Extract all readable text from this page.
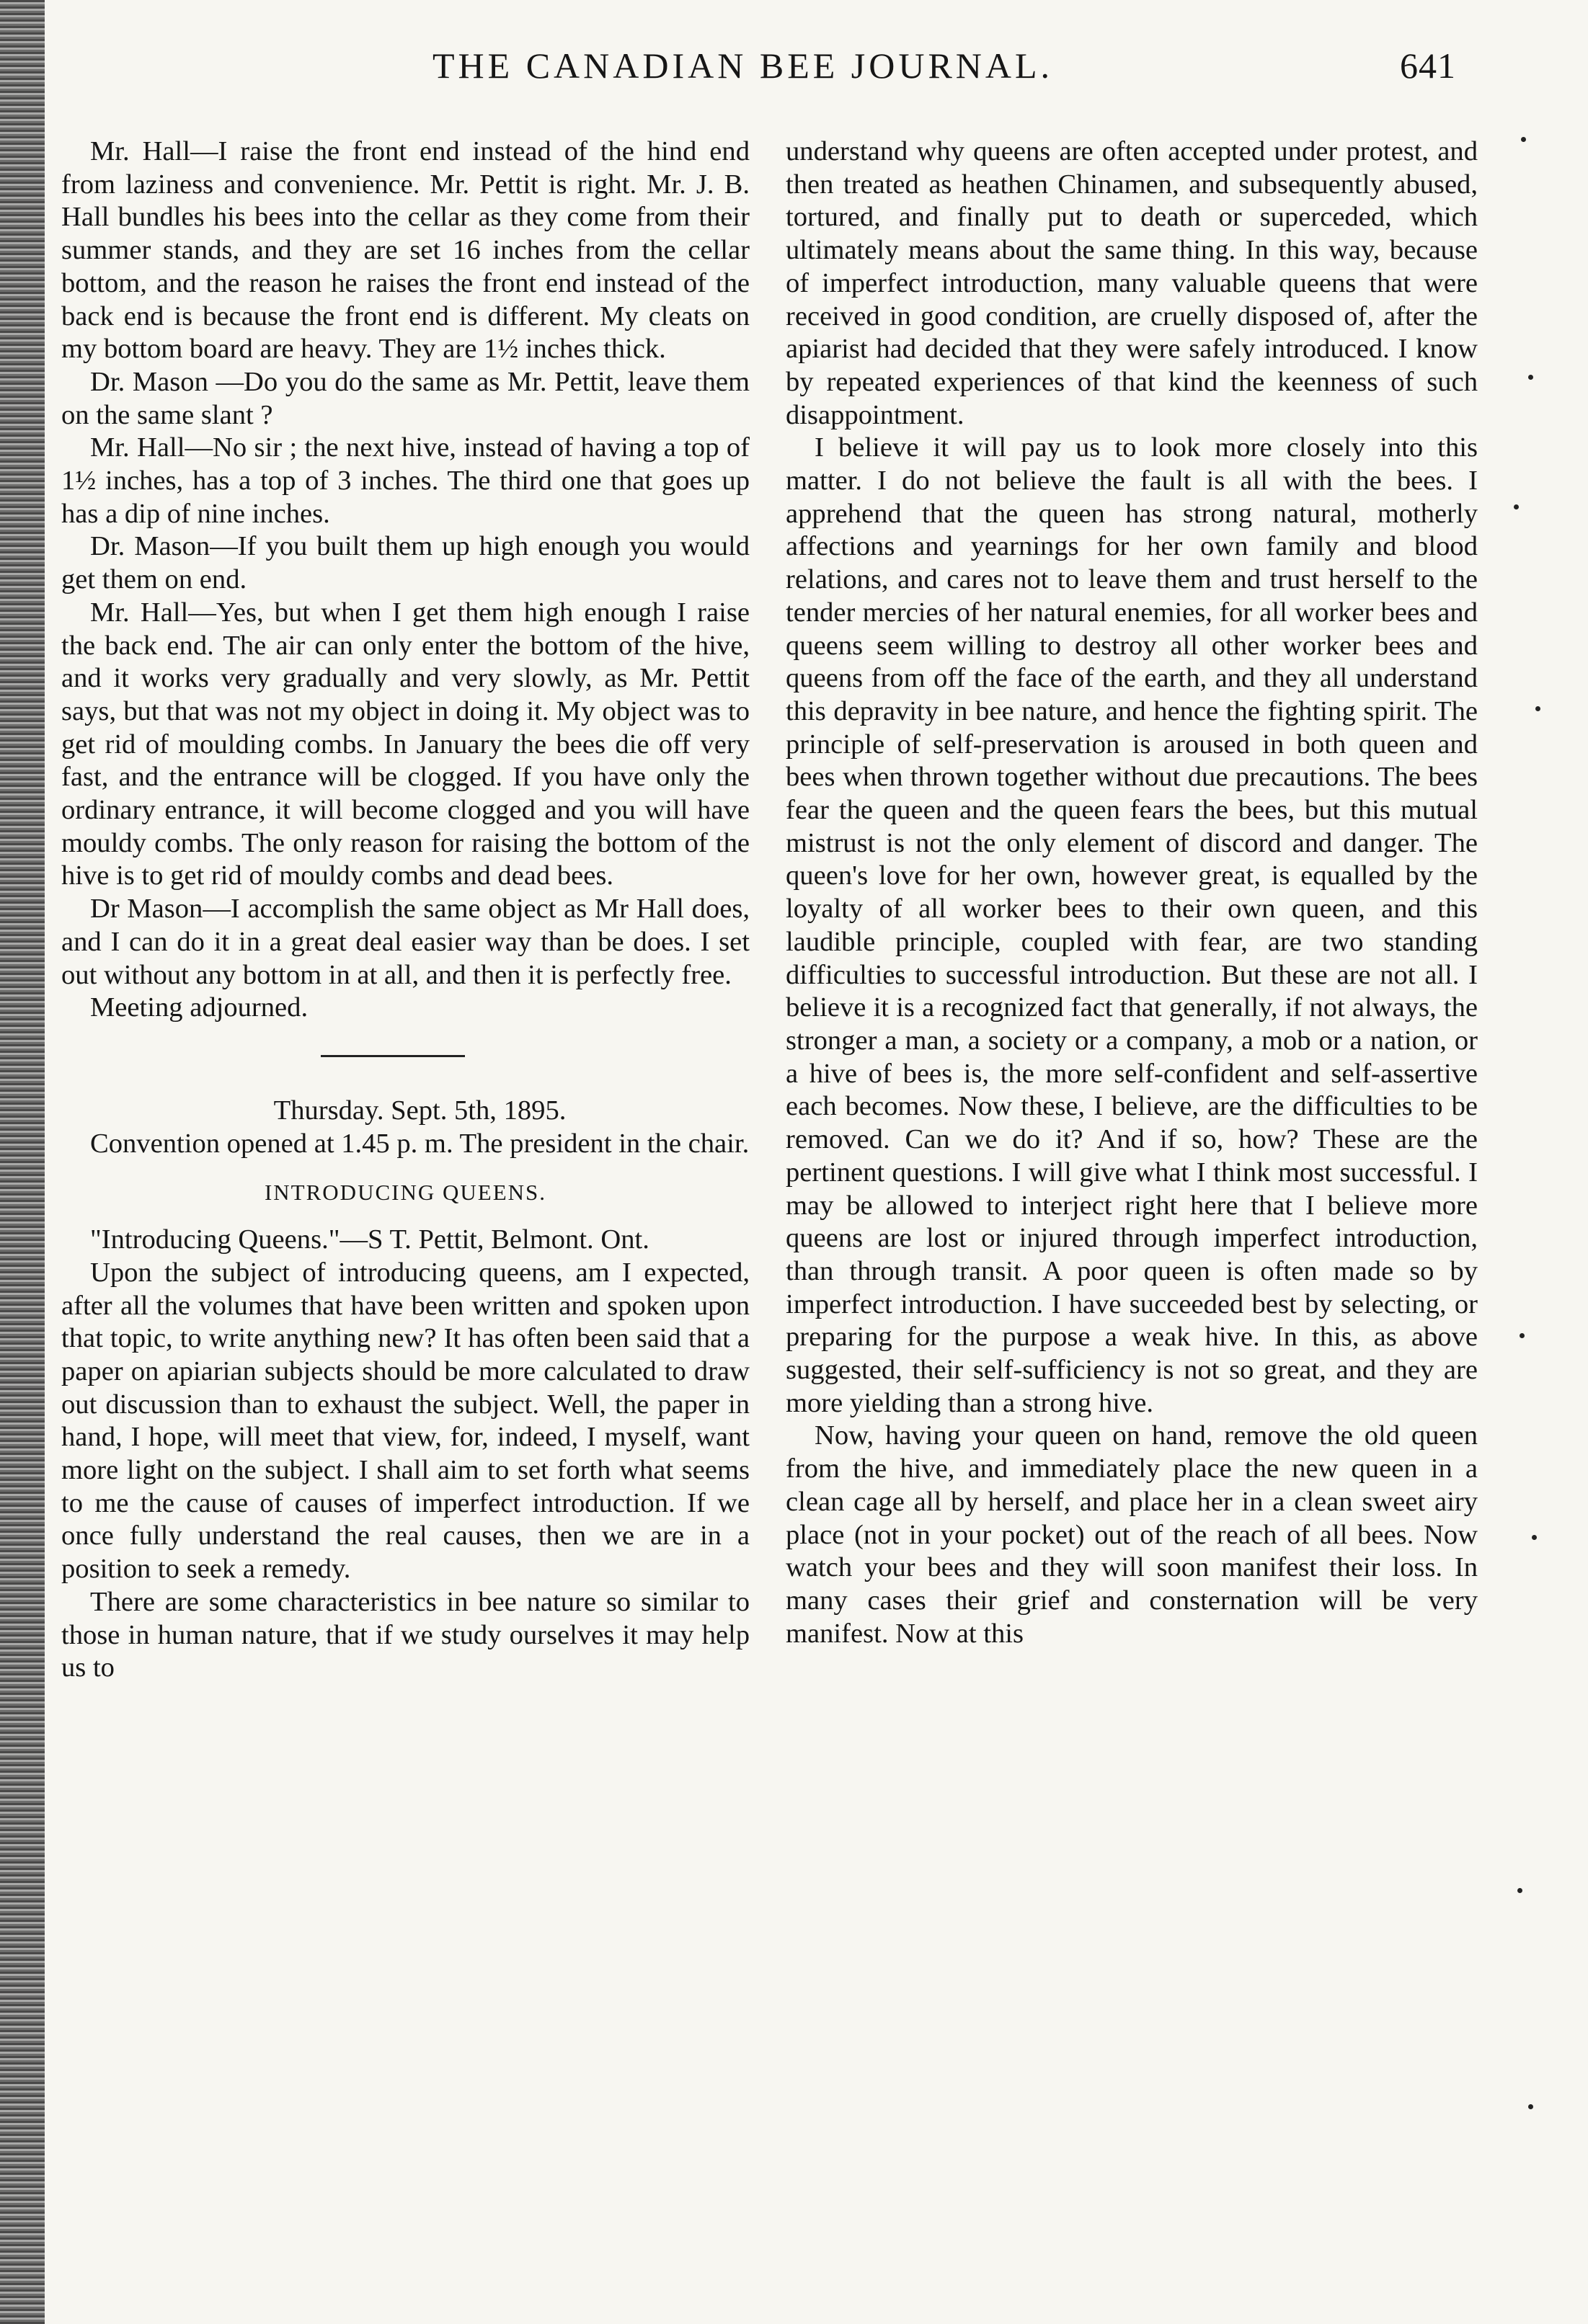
THE CANADIAN BEE JOURNAL.	641

Mr. Hall—I raise the front end instead of the hind end from laziness and convenience. Mr. Pettit is right. Mr. J. B. Hall bundles his bees into the cellar as they come from their summer stands, and they are set 16 inches from the cellar bottom, and the reason he raises the front end instead of the back end is because the front end is different. My cleats on my bottom board are heavy. They are 1½ inches thick.

Dr. Mason —Do you do the same as Mr. Pettit, leave them on the same slant ?

Mr. Hall—No sir ; the next hive, instead of having a top of 1½ inches, has a top of 3 inches. The third one that goes up has a dip of nine inches.

Dr. Mason—If you built them up high enough you would get them on end.

Mr. Hall—Yes, but when I get them high enough I raise the back end. The air can only enter the bottom of the hive, and it works very gradually and very slowly, as Mr. Pettit says, but that was not my object in doing it. My object was to get rid of moulding combs. In January the bees die off very fast, and the entrance will be clogged. If you have only the ordinary entrance, it will become clogged and you will have mouldy combs. The only reason for raising the bottom of the hive is to get rid of mouldy combs and dead bees.

Dr Mason—I accomplish the same object as Mr Hall does, and I can do it in a great deal easier way than be does. I set out without any bottom in at all, and then it is perfectly free.

Meeting adjourned.

Thursday. Sept. 5th, 1895.

Convention opened at 1.45 p. m. The president in the chair.

INTRODUCING QUEENS.

"Introducing Queens."—S T. Pettit, Belmont. Ont.

Upon the subject of introducing queens, am I expected, after all the volumes that have been written and spoken upon that topic, to write anything new? It has often been said that a paper on apiarian subjects should be more calculated to draw out discussion than to exhaust the subject. Well, the paper in hand, I hope, will meet that view, for, indeed, I myself, want more light on the subject. I shall aim to set forth what seems to me the cause of causes of imperfect introduction. If we once fully understand the real causes, then we are in a position to seek a remedy.

There are some characteristics in bee nature so similar to those in human nature, that if we study ourselves it may help us to

understand why queens are often accepted under protest, and then treated as heathen Chinamen, and subsequently abused, tortured, and finally put to death or superceded, which ultimately means about the same thing. In this way, because of imperfect introduction, many valuable queens that were received in good condition, are cruelly disposed of, after the apiarist had decided that they were safely introduced. I know by repeated experiences of that kind the keenness of such disappointment.

I believe it will pay us to look more closely into this matter. I do not believe the fault is all with the bees. I apprehend that the queen has strong natural, motherly affections and yearnings for her own family and blood relations, and cares not to leave them and trust herself to the tender mercies of her natural enemies, for all worker bees and queens seem willing to destroy all other worker bees and queens from off the face of the earth, and they all understand this depravity in bee nature, and hence the fighting spirit. The principle of self-preservation is aroused in both queen and bees when thrown together without due precautions. The bees fear the queen and the queen fears the bees, but this mutual mistrust is not the only element of discord and danger. The queen's love for her own, however great, is equalled by the loyalty of all worker bees to their own queen, and this laudible principle, coupled with fear, are two standing difficulties to successful introduction. But these are not all. I believe it is a recognized fact that generally, if not always, the stronger a man, a society or a company, a mob or a nation, or a hive of bees is, the more self-confident and self-assertive each becomes. Now these, I believe, are the difficulties to be removed. Can we do it? And if so, how? These are the pertinent questions. I will give what I think most successful. I may be allowed to interject right here that I believe more queens are lost or injured through imperfect introduction, than through transit. A poor queen is often made so by imperfect introduction. I have succeeded best by selecting, or preparing for the purpose a weak hive. In this, as above suggested, their self-sufficiency is not so great, and they are more yielding than a strong hive.

Now, having your queen on hand, remove the old queen from the hive, and immediately place the new queen in a clean cage all by herself, and place her in a clean sweet airy place (not in your pocket) out of the reach of all bees. Now watch your bees and they will soon manifest their loss. In many cases their grief and consternation will be very manifest. Now at this
